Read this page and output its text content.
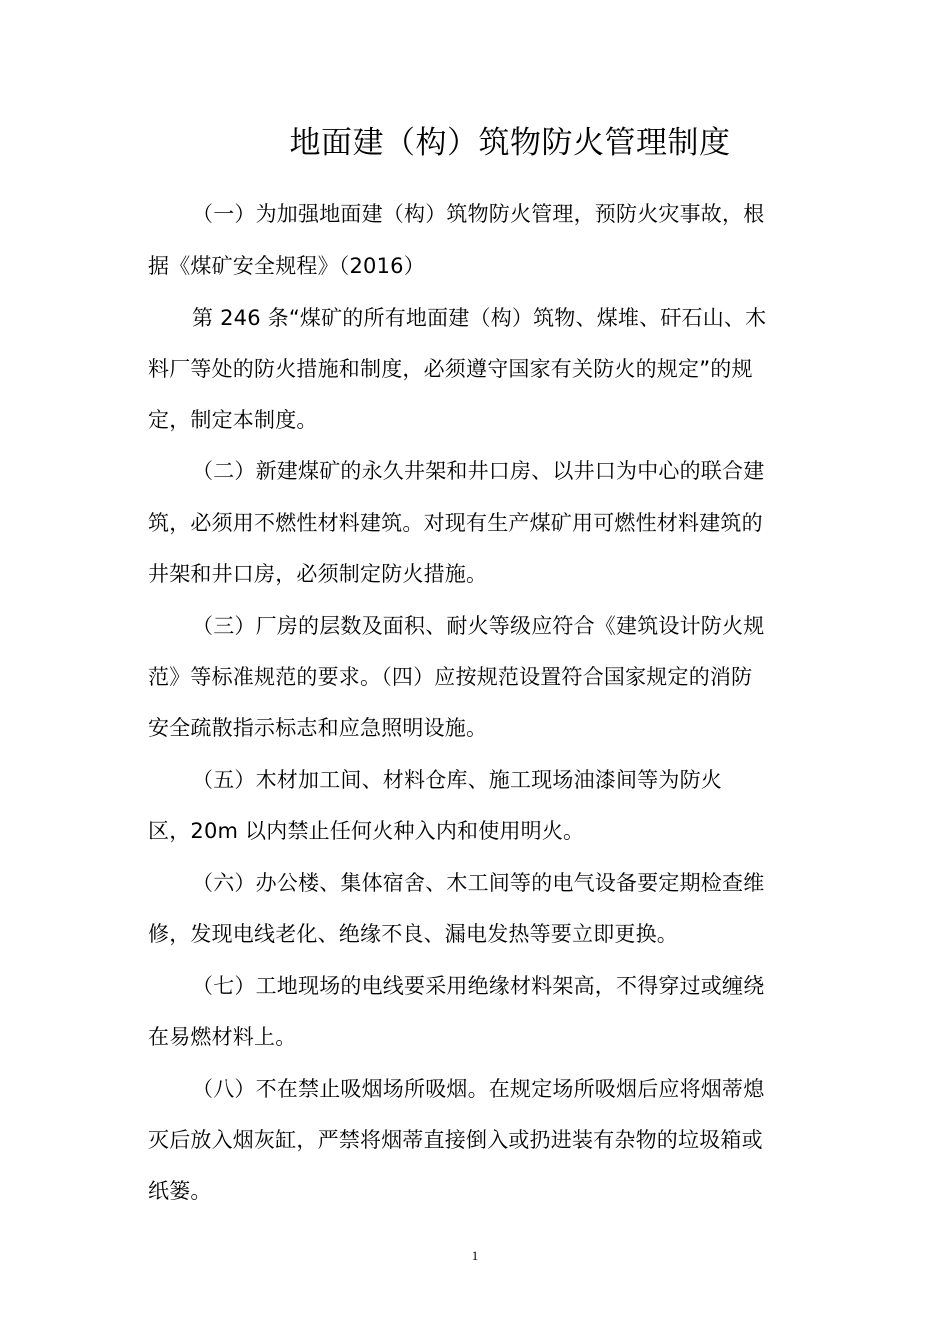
地面建（构）筑物防火管理制度
（一）为加强地面建（构）筑物防火管理，预防火灾事故，根
据《煤矿安全规程》（2016）
第 246 条“煤矿的所有地面建（构）筑物、煤堆、矸石山、木
料厂等处的防火措施和制度，必须遵守国家有关防火的规定”的规
定，制定本制度。
（二）新建煤矿的永久井架和井口房、以井口为中心的联合建
筑，必须用不燃性材料建筑。对现有生产煤矿用可燃性材料建筑的
井架和井口房，必须制定防火措施。
（三）厂房的层数及面积、耐火等级应符合《建筑设计防火规
范》等标准规范的要求。（四）应按规范设置符合国家规定的消防
安全疏散指示标志和应急照明设施。
（五）木材加工间、材料仓库、施工现场油漆间等为防火
区，20m 以内禁止任何火种入内和使用明火。
（六）办公楼、集体宿舍、木工间等的电气设备要定期检查维
修，发现电线老化、绝缘不良、漏电发热等要立即更换。
（七）工地现场的电线要采用绝缘材料架高，不得穿过或缠绕
在易燃材料上。
（八）不在禁止吸烟场所吸烟。在规定场所吸烟后应将烟蒂熄
灭后放入烟灰缸，严禁将烟蒂直接倒入或扔进装有杂物的垃圾箱或
纸篓。
1
